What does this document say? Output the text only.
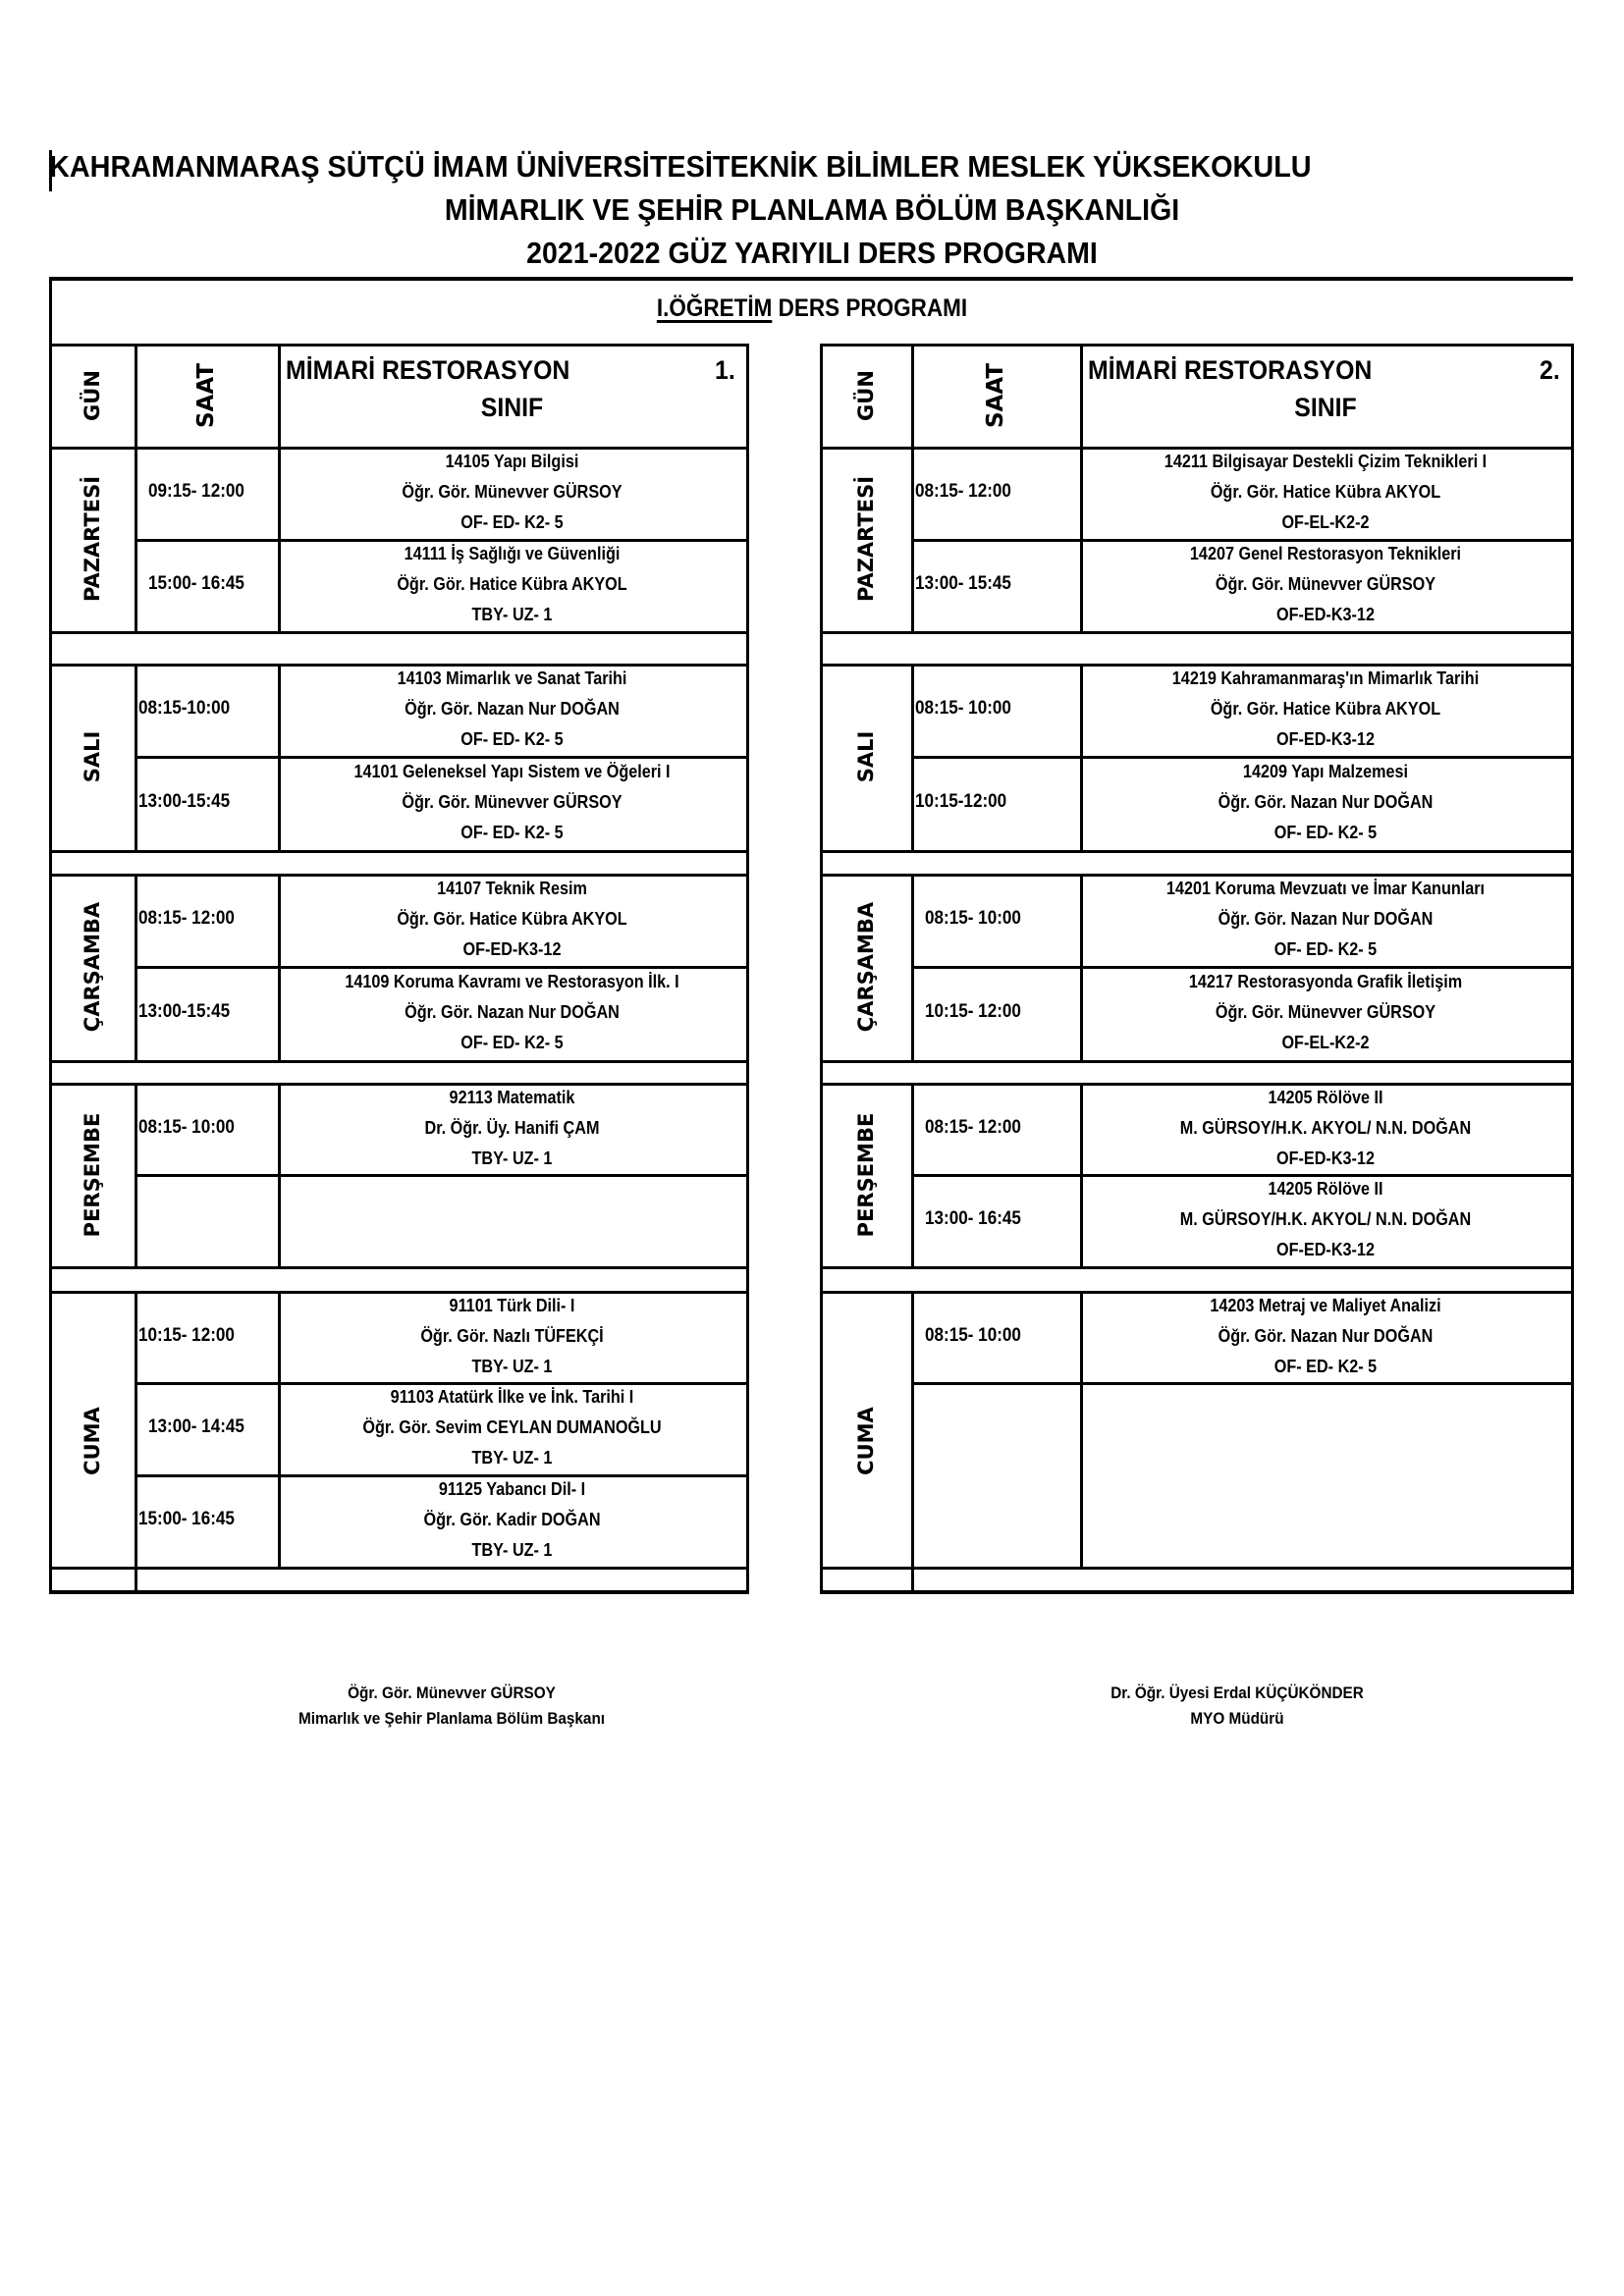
KAHRAMANMARAŞ SÜTÇÜ İMAM ÜNİVERSİTESİTEKNİK BİLİMLER MESLEK YÜKSEKOKULU
MİMARLIK VE ŞEHİR PLANLAMA BÖLÜM BAŞKANLIĞI
2021-2022 GÜZ YARIYILI DERS PROGRAMI
I.ÖĞRETİM DERS PROGRAMI
GÜN	SAAT	MİMARİ RESTORASYON	1.
SINIF
PAZARTESİ 09:15- 12:00
14105 Yapı Bilgisi
Öğr. Gör. Münevver GÜRSOY
OF- ED- K2- 5
15:00- 16:45
14111 İş Sağlığı ve Güvenliği
Öğr. Gör. Hatice Kübra AKYOL
TBY- UZ- 1
SALI
08:15-10:00
14103 Mimarlık ve Sanat Tarihi
Öğr. Gör. Nazan Nur DOĞAN
OF- ED- K2- 5
13:00-15:45
14101 Geleneksel Yapı Sistem ve Öğeleri I
Öğr. Gör. Münevver GÜRSOY
OF- ED- K2- 5
ÇARŞAMBA 08:15- 12:00
14107 Teknik Resim
Öğr. Gör. Hatice Kübra AKYOL
OF-ED-K3-12
13:00-15:45
14109 Koruma Kavramı ve Restorasyon İlk. I
Öğr. Gör. Nazan Nur DOĞAN
OF- ED- K2- 5
PERŞEMBE 08:15- 10:00
92113 Matematik
Dr. Öğr. Üy. Hanifi ÇAM
TBY- UZ- 1
CUMA
10:15- 12:00
91101 Türk Dili- I
Öğr. Gör. Nazlı TÜFEKÇİ
TBY- UZ- 1
13:00- 14:45
91103 Atatürk İlke ve İnk. Tarihi I
Öğr. Gör. Sevim CEYLAN DUMANOĞLU
TBY- UZ- 1
15:00- 16:45
91125 Yabancı Dil- I
Öğr. Gör. Kadir DOĞAN
TBY- UZ- 1
GÜN	SAAT	MİMARİ RESTORASYON	2.
SINIF
PAZARTESİ 08:15- 12:00
14211 Bilgisayar Destekli Çizim Teknikleri I
Öğr. Gör. Hatice Kübra AKYOL
OF-EL-K2-2
13:00- 15:45
14207 Genel Restorasyon Teknikleri
Öğr. Gör. Münevver GÜRSOY
OF-ED-K3-12
SALI
08:15- 10:00
14219 Kahramanmaraş'ın Mimarlık Tarihi
Öğr. Gör. Hatice Kübra AKYOL
OF-ED-K3-12
10:15-12:00
14209 Yapı Malzemesi
Öğr. Gör. Nazan Nur DOĞAN
OF- ED- K2- 5
ÇARŞAMBA	08:15- 10:00
14201 Koruma Mevzuatı ve İmar Kanunları
Öğr. Gör. Nazan Nur DOĞAN
OF- ED- K2- 5
10:15- 12:00
14217 Restorasyonda Grafik İletişim
Öğr. Gör. Münevver GÜRSOY
OF-EL-K2-2
PERŞEMBE	08:15- 12:00
14205 Rölöve II
M. GÜRSOY/H.K. AKYOL/ N.N. DOĞAN
OF-ED-K3-12
13:00- 16:45
14205 Rölöve II
M. GÜRSOY/H.K. AKYOL/ N.N. DOĞAN
OF-ED-K3-12
CUMA
08:15- 10:00
14203 Metraj ve Maliyet Analizi
Öğr. Gör. Nazan Nur DOĞAN
OF- ED- K2- 5
Öğr. Gör. Münevver GÜRSOY
Mimarlık ve Şehir Planlama Bölüm Başkanı
Dr. Öğr. Üyesi Erdal KÜÇÜKÖNDER
MYO Müdürü
